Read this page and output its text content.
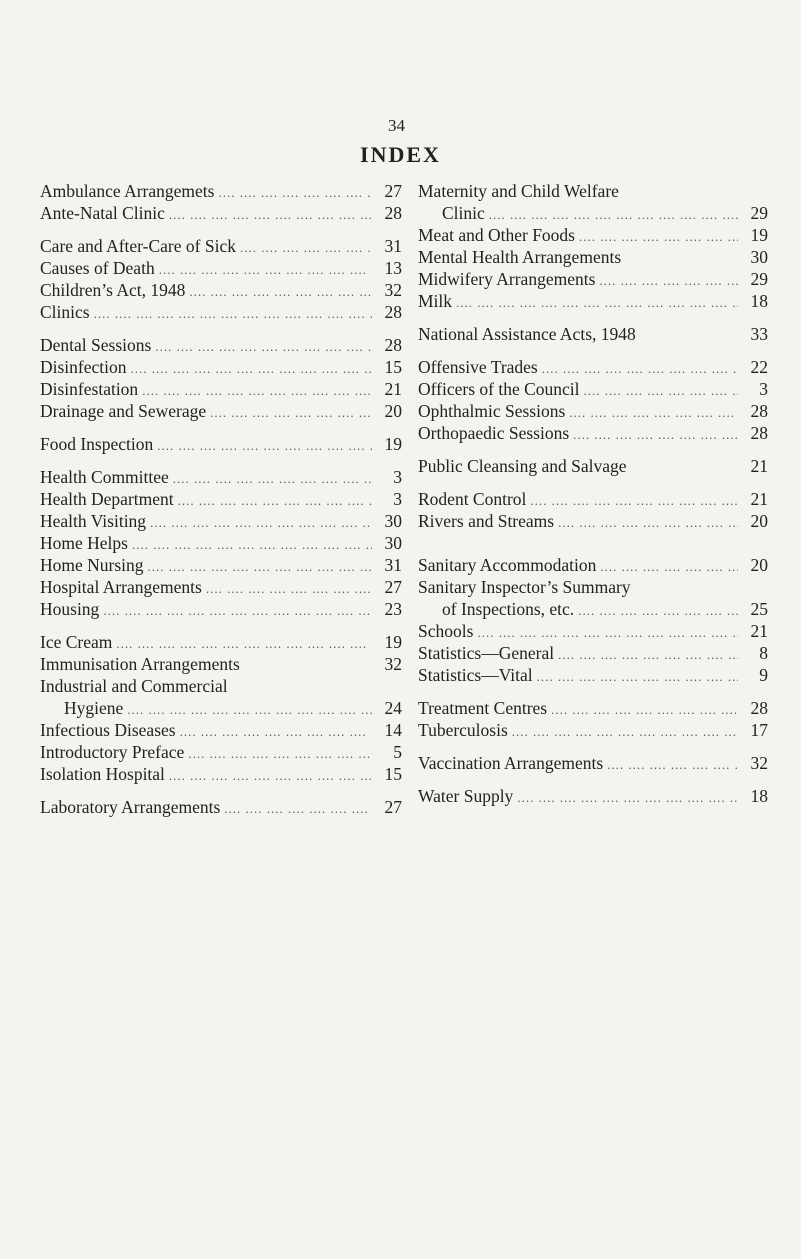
34
INDEX
Ambulance Arrangemets ....	27
Ante-Natal Clinic ....	28
Care and After-Care of Sick ....	31
Causes of Death ....	13
Children’s Act, 1948 ....	32
Clinics ....	28
Dental Sessions ....	28
Disinfection ....	15
Disinfestation ....	21
Drainage and Sewerage ....	20
Food Inspection ....	19
Health Committee ....	3
Health Department ....	3
Health Visiting ....	30
Home Helps ....	30
Home Nursing ....	31
Hospital Arrangements ....	27
Housing ....	23
Ice Cream ....	19
Immunisation Arrangements	32
Industrial and Commercial
Hygiene ....	24
Infectious Diseases ....	14
Introductory Preface ....	5
Isolation Hospital ....	15
Laboratory Arrangements ....	27
Maternity and Child Welfare
Clinic ....	29
Meat and Other Foods ....	19
Mental Health Arrangements	30
Midwifery Arrangements ....	29
Milk ....	18
National Assistance Acts, 1948	33
Offensive Trades ....	22
Officers of the Council ....	3
Ophthalmic Sessions ....	28
Orthopaedic Sessions ....	28
Public Cleansing and Salvage	21
Rodent Control ....	21
Rivers and Streams ....	20
Sanitary Accommodation ....	20
Sanitary Inspector’s Summary
of Inspections, etc. ....	25
Schools ....	21
Statistics—General ....	8
Statistics—Vital ....	9
Treatment Centres ....	28
Tuberculosis ....	17
Vaccination Arrangements ....	32
Water Supply ....	18
